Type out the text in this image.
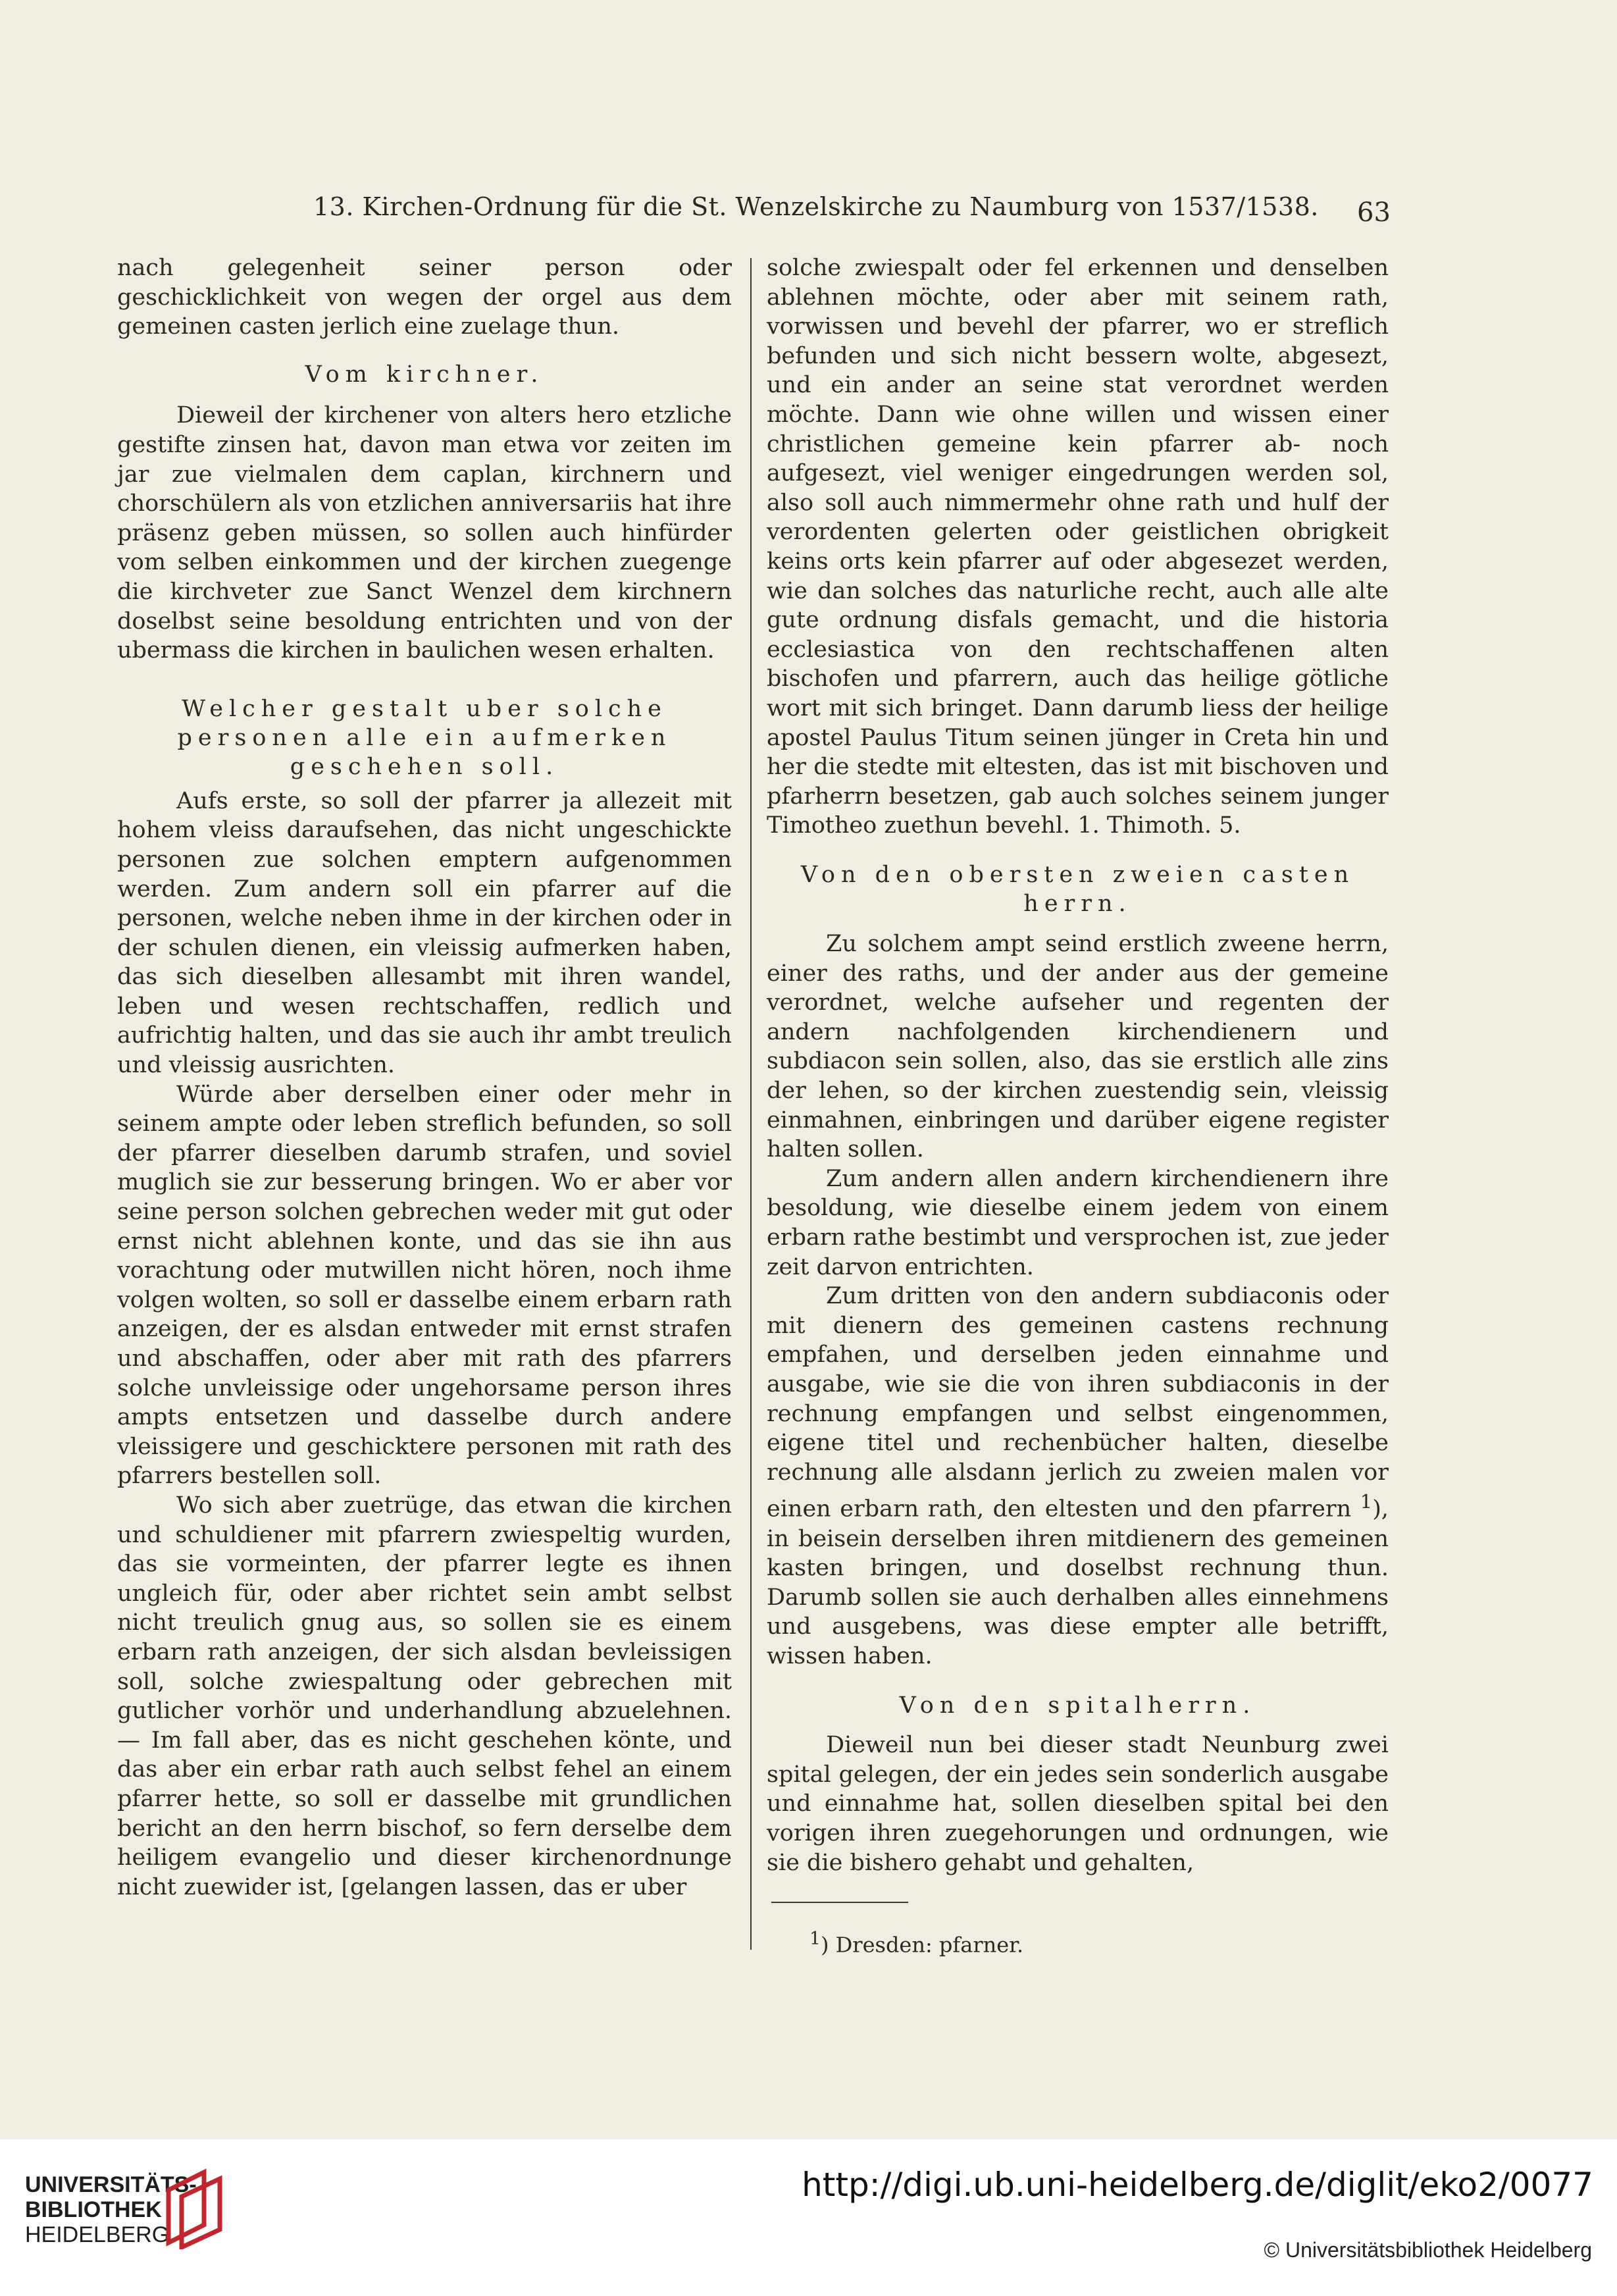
13. Kirchen-Ordnung für die St. Wenzelskirche zu Naumburg von 1537/1538. 63

nach gelegenheit seiner person oder geschicklichkeit von wegen der orgel aus dem gemeinen casten jerlich eine zuelage thun.

Vom kirchner.

Dieweil der kirchener von alters hero etzliche gestifte zinsen hat, davon man etwa vor zeiten im jar zue vielmalen dem caplan, kirchnern und chorschülern als von etzlichen anniversariis hat ihre präsenz geben müssen, so sollen auch hinfürder vom selben einkommen und der kirchen zuegenge die kirchveter zue Sanct Wenzel dem kirchnern doselbst seine besoldung entrichten und von der ubermass die kirchen in baulichen wesen erhalten.

Welcher gestalt uber solche personen alle ein aufmerken geschehen soll.

Aufs erste, so soll der pfarrer ja allezeit mit hohem vleiss daraufsehen, das nicht ungeschickte personen zue solchen emptern aufgenommen werden. Zum andern soll ein pfarrer auf die personen, welche neben ihme in der kirchen oder in der schulen dienen, ein vleissig aufmerken haben, das sich dieselben allesambt mit ihren wandel, leben und wesen rechtschaffen, redlich und aufrichtig halten, und das sie auch ihr ambt treulich und vleissig ausrichten.

Würde aber derselben einer oder mehr in seinem ampte oder leben streflich befunden, so soll der pfarrer dieselben darumb strafen, und soviel muglich sie zur besserung bringen. Wo er aber vor seine person solchen gebrechen weder mit gut oder ernst nicht ablehnen konte, und das sie ihn aus vorachtung oder mutwillen nicht hören, noch ihme volgen wolten, so soll er dasselbe einem erbarn rath anzeigen, der es alsdan entweder mit ernst strafen und abschaffen, oder aber mit rath des pfarrers solche unvleissige oder ungehorsame person ihres ampts entsetzen und dasselbe durch andere vleissigere und geschicktere personen mit rath des pfarrers bestellen soll.

Wo sich aber zuetrüge, das etwan die kirchen und schuldiener mit pfarrern zwiespeltig wurden, das sie vormeinten, der pfarrer legte es ihnen ungleich für, oder aber richtet sein ambt selbst nicht treulich gnug aus, so sollen sie es einem erbarn rath anzeigen, der sich alsdan bevleissigen soll, solche zwiespaltung oder gebrechen mit gutlicher vorhör und underhandlung abzuelehnen. — Im fall aber, das es nicht geschehen könte, und das aber ein erbar rath auch selbst fehel an einem pfarrer hette, so soll er dasselbe mit grundlichen bericht an den herrn bischof, so fern derselbe dem heiligem evangelio und dieser kirchenordnunge nicht zuewider ist, [gelangen lassen, das er uber

solche zwiespalt oder fel erkennen und denselben ablehnen möchte, oder aber mit seinem rath, vorwissen und bevehl der pfarrer, wo er streflich befunden und sich nicht bessern wolte, abgesezt, und ein ander an seine stat verordnet werden möchte. Dann wie ohne willen und wissen einer christlichen gemeine kein pfarrer ab- noch aufgesezt, viel weniger eingedrungen werden sol, also soll auch nimmermehr ohne rath und hulf der verordenten gelerten oder geistlichen obrigkeit keins orts kein pfarrer auf oder abgesezet werden, wie dan solches das naturliche recht, auch alle alte gute ordnung disfals gemacht, und die historia ecclesiastica von den rechtschaffenen alten bischofen und pfarrern, auch das heilige götliche wort mit sich bringet. Dann darumb liess der heilige apostel Paulus Titum seinen jünger in Creta hin und her die stedte mit eltesten, das ist mit bischoven und pfarherrn besetzen, gab auch solches seinem junger Timotheo zuethun bevehl. 1. Thimoth. 5.

Von den obersten zweien casten herrn.

Zu solchem ampt seind erstlich zweene herrn, einer des raths, und der ander aus der gemeine verordnet, welche aufseher und regenten der andern nachfolgenden kirchendienern und subdiacon sein sollen, also, das sie erstlich alle zins der lehen, so der kirchen zuestendig sein, vleissig einmahnen, einbringen und darüber eigene register halten sollen.

Zum andern allen andern kirchendienern ihre besoldung, wie dieselbe einem jedem von einem erbarn rathe bestimbt und versprochen ist, zue jeder zeit darvon entrichten.

Zum dritten von den andern subdiaconis oder mit dienern des gemeinen castens rechnung empfahen, und derselben jeden einnahme und ausgabe, wie sie die von ihren subdiaconis in der rechnung empfangen und selbst eingenommen, eigene titel und rechenbücher halten, dieselbe rechnung alle alsdann jerlich zu zweien malen vor einen erbarn rath, den eltesten und den pfarrern $^1$), in beisein derselben ihren mitdienern des gemeinen kasten bringen, und doselbst rechnung thun. Darumb sollen sie auch derhalben alles einnehmens und ausgebens, was diese empter alle betrifft, wissen haben.

Von den spitalherrn.

Dieweil nun bei dieser stadt Neunburg zwei spital gelegen, der ein jedes sein sonderlich ausgabe und einnahme hat, sollen dieselben spital bei den vorigen ihren zuegehorungen und ordnungen, wie sie die bishero gehabt und gehalten,

$^1$) Dresden: pfarner.
UNIVERSITÄTS-
BIBLIOTHEK
HEIDELBERG
http://digi.ub.uni-heidelberg.de/diglit/eko2/0077
© Universitätsbibliothek Heidelberg
